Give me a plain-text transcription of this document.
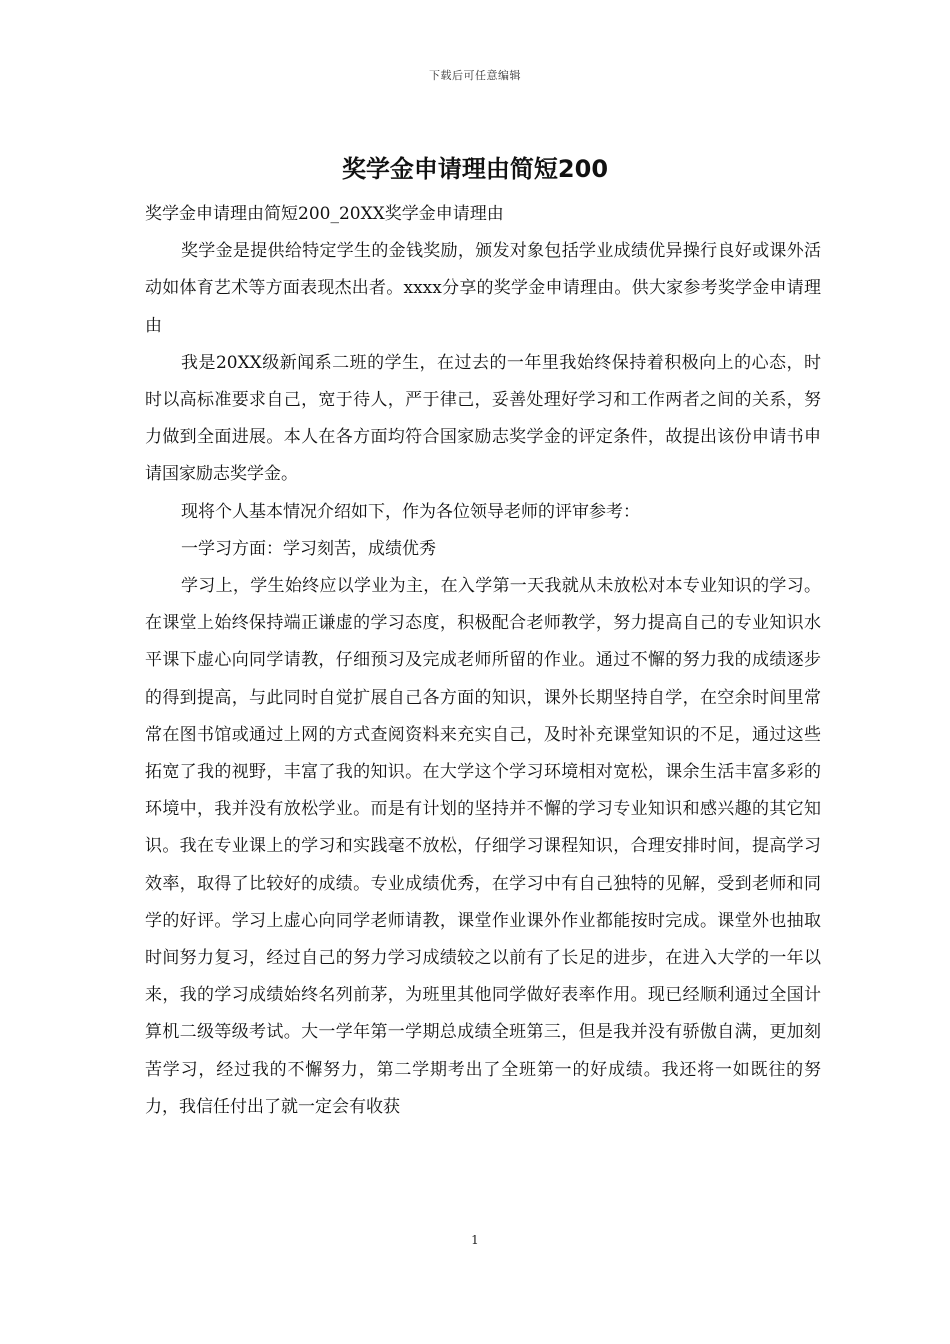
下载后可任意编辑
奖学金申请理由简短200

奖学金申请理由简短200_20XX奖学金申请理由

奖学金是提供给特定学生的金钱奖励，颁发对象包括学业成绩优异操行良好或课外活动如体育艺术等方面表现杰出者。xxxx分享的奖学金申请理由。供大家参考奖学金申请理由

我是20XX级新闻系二班的学生，在过去的一年里我始终保持着积极向上的心态，时时以高标准要求自己，宽于待人，严于律己，妥善处理好学习和工作两者之间的关系，努力做到全面进展。本人在各方面均符合国家励志奖学金的评定条件，故提出该份申请书申请国家励志奖学金。

现将个人基本情况介绍如下，作为各位领导老师的评审参考：

一学习方面：学习刻苦，成绩优秀

学习上，学生始终应以学业为主，在入学第一天我就从未放松对本专业知识的学习。在课堂上始终保持端正谦虚的学习态度，积极配合老师教学，努力提高自己的专业知识水平课下虚心向同学请教，仔细预习及完成老师所留的作业。通过不懈的努力我的成绩逐步的得到提高，与此同时自觉扩展自己各方面的知识，课外长期坚持自学，在空余时间里常常在图书馆或通过上网的方式查阅资料来充实自己，及时补充课堂知识的不足，通过这些拓宽了我的视野，丰富了我的知识。在大学这个学习环境相对宽松，课余生活丰富多彩的环境中，我并没有放松学业。而是有计划的坚持并不懈的学习专业知识和感兴趣的其它知识。我在专业课上的学习和实践毫不放松，仔细学习课程知识，合理安排时间，提高学习效率，取得了比较好的成绩。专业成绩优秀，在学习中有自己独特的见解，受到老师和同学的好评。学习上虚心向同学老师请教，课堂作业课外作业都能按时完成。课堂外也抽取时间努力复习，经过自己的努力学习成绩较之以前有了长足的进步，在进入大学的一年以来，我的学习成绩始终名列前茅，为班里其他同学做好表率作用。现已经顺利通过全国计算机二级等级考试。大一学年第一学期总成绩全班第三，但是我并没有骄傲自满，更加刻苦学习，经过我的不懈努力，第二学期考出了全班第一的好成绩。我还将一如既往的努力，我信任付出了就一定会有收获

1
